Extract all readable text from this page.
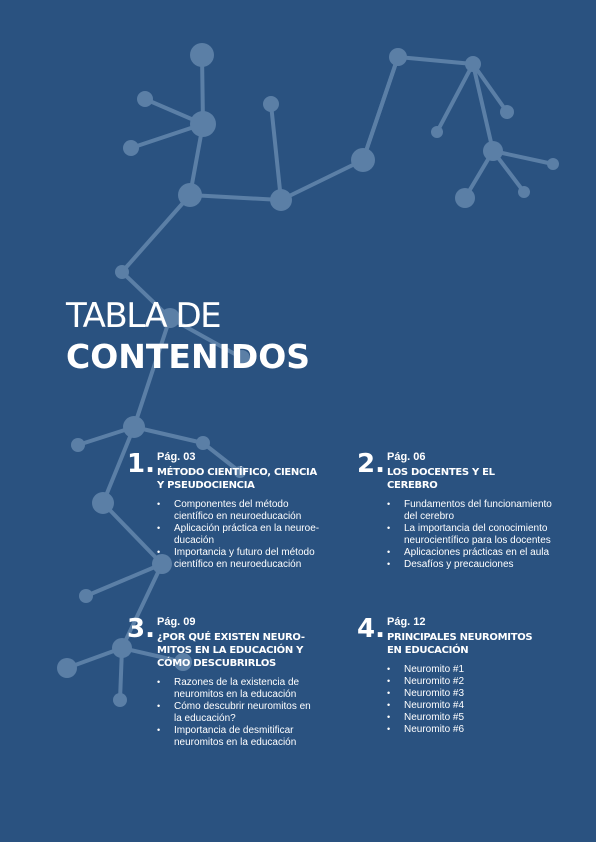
TABLA DE
CONTENIDOS
1. Pág. 03
MÉTODO CIENTÍFICO, CIENCIA
Y PSEUDOCIENCIA
• Componentes del método
científico en neuroeducación
• Aplicación práctica en la neuroe-
ducación
• Importancia y futuro del método
científico en neuroeducación
2. Pág. 06
LOS DOCENTES Y EL
CEREBRO
• Fundamentos del funcionamiento
del cerebro
• La importancia del conocimiento
neurocientífico para los docentes
• Aplicaciones prácticas en el aula
• Desafíos y precauciones
3. Pág. 09
¿POR QUÉ EXISTEN NEURO-
MITOS EN LA EDUCACIÓN Y
CÓMO DESCUBRIRLOS
• Razones de la existencia de
neuromitos en la educación
• Cómo descubrir neuromitos en
la educación?
• Importancia de desmitificar
neuromitos en la educación
4. Pág. 12
PRINCIPALES NEUROMITOS
EN EDUCACIÓN
• Neuromito #1
• Neuromito #2
• Neuromito #3
• Neuromito #4
• Neuromito #5
• Neuromito #6
